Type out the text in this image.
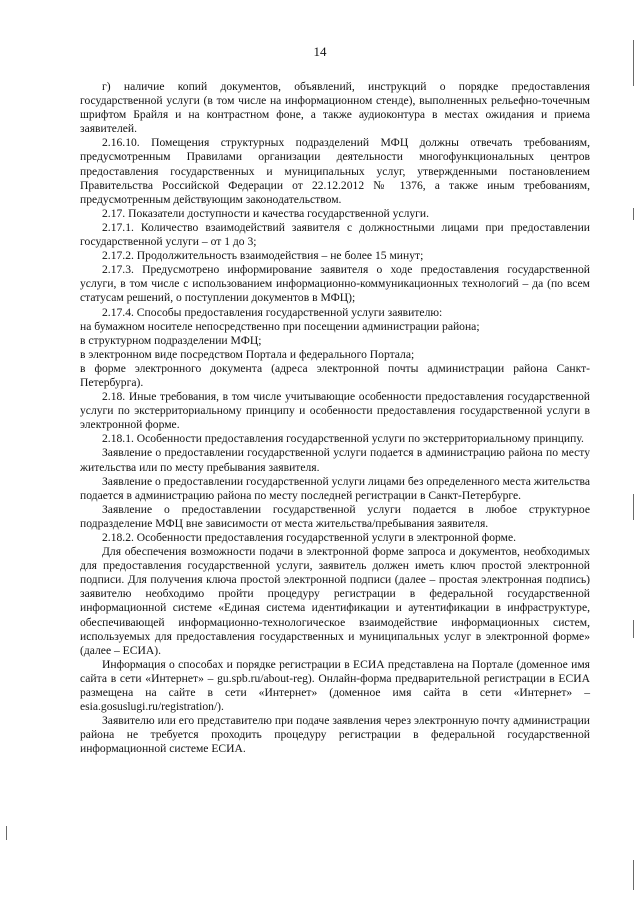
14

г) наличие копий документов, объявлений, инструкций о порядке предоставления государственной услуги (в том числе на информационном стенде), выполненных рельефно-точечным шрифтом Брайля и на контрастном фоне, а также аудиоконтура в местах ожидания и приема заявителей.

2.16.10. Помещения структурных подразделений МФЦ должны отвечать требованиям, предусмотренным Правилами организации деятельности многофункциональных центров предоставления государственных и муниципальных услуг, утвержденными постановлением Правительства Российской Федерации от 22.12.2012 № 1376, а также иным требованиям, предусмотренным действующим законодательством.

2.17. Показатели доступности и качества государственной услуги.

2.17.1. Количество взаимодействий заявителя с должностными лицами при предоставлении государственной услуги – от 1 до 3;

2.17.2. Продолжительность взаимодействия – не более 15 минут;

2.17.3. Предусмотрено информирование заявителя о ходе предоставления государственной услуги, в том числе с использованием информационно-коммуникационных технологий – да (по всем статусам решений, о поступлении документов в МФЦ);

2.17.4. Способы предоставления государственной услуги заявителю:

на бумажном носителе непосредственно при посещении администрации района;

в структурном подразделении МФЦ;

в электронном виде посредством Портала и федерального Портала;

в форме электронного документа (адреса электронной почты администрации района Санкт-Петербурга).

2.18. Иные требования, в том числе учитывающие особенности предоставления государственной услуги по экстерриториальному принципу и особенности предоставления государственной услуги в электронной форме.

2.18.1. Особенности предоставления государственной услуги по экстерриториальному принципу.

Заявление о предоставлении государственной услуги подается в администрацию района по месту жительства или по месту пребывания заявителя.

Заявление о предоставлении государственной услуги лицами без определенного места жительства подается в администрацию района по месту последней регистрации в Санкт-Петербурге.

Заявление о предоставлении государственной услуги подается в любое структурное подразделение МФЦ вне зависимости от места жительства/пребывания заявителя.

2.18.2. Особенности предоставления государственной услуги в электронной форме.

Для обеспечения возможности подачи в электронной форме запроса и документов, необходимых для предоставления государственной услуги, заявитель должен иметь ключ простой электронной подписи. Для получения ключа простой электронной подписи (далее – простая электронная подпись) заявителю необходимо пройти процедуру регистрации в федеральной государственной информационной системе «Единая система идентификации и аутентификации в инфраструктуре, обеспечивающей информационно-технологическое взаимодействие информационных систем, используемых для предоставления государственных и муниципальных услуг в электронной форме» (далее – ЕСИА).

Информация о способах и порядке регистрации в ЕСИА представлена на Портале (доменное имя сайта в сети «Интернет» – gu.spb.ru/about-reg). Онлайн-форма предварительной регистрации в ЕСИА размещена на сайте в сети «Интернет» (доменное имя сайта в сети «Интернет» – esia.gosuslugi.ru/registration/).

Заявителю или его представителю при подаче заявления через электронную почту администрации района не требуется проходить процедуру регистрации в федеральной государственной информационной системе ЕСИА.
